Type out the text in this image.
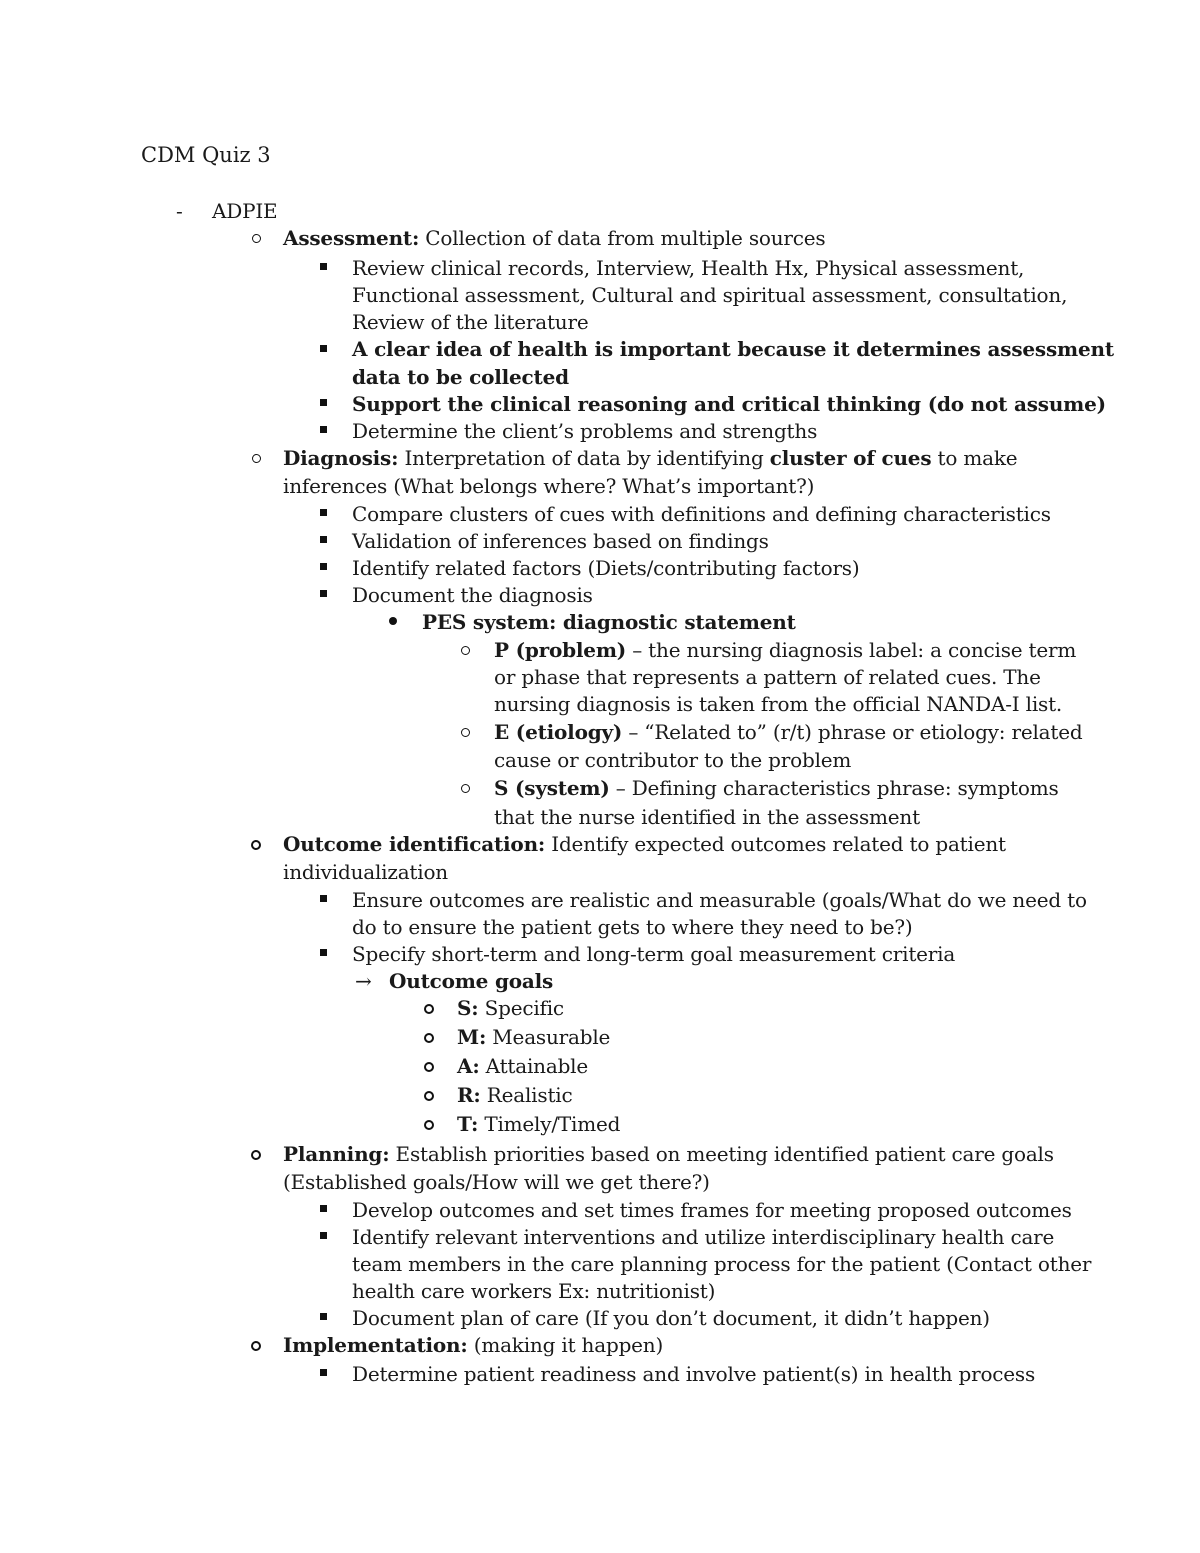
CDM Quiz 3
- ADPIE
Assessment: Collection of data from multiple sources
Review clinical records, Interview, Health Hx, Physical assessment,
Functional assessment, Cultural and spiritual assessment, consultation,
Review of the literature
A clear idea of health is important because it determines assessment
data to be collected
Support the clinical reasoning and critical thinking (do not assume)
Determine the client’s problems and strengths
Diagnosis: Interpretation of data by identifying cluster of cues to make
inferences (What belongs where? What’s important?)
Compare clusters of cues with definitions and defining characteristics
Validation of inferences based on findings
Identify related factors (Diets/contributing factors)
Document the diagnosis
PES system: diagnostic statement
P (problem) – the nursing diagnosis label: a concise term
or phase that represents a pattern of related cues. The
nursing diagnosis is taken from the official NANDA-I list.
E (etiology) – “Related to” (r/t) phrase or etiology: related
cause or contributor to the problem
S (system) – Defining characteristics phrase: symptoms
that the nurse identified in the assessment
Outcome identification: Identify expected outcomes related to patient
individualization
Ensure outcomes are realistic and measurable (goals/What do we need to
do to ensure the patient gets to where they need to be?)
Specify short-term and long-term goal measurement criteria
→ Outcome goals
S: Specific
M: Measurable
A: Attainable
R: Realistic
T: Timely/Timed
Planning: Establish priorities based on meeting identified patient care goals
(Established goals/How will we get there?)
Develop outcomes and set times frames for meeting proposed outcomes
Identify relevant interventions and utilize interdisciplinary health care
team members in the care planning process for the patient (Contact other
health care workers Ex: nutritionist)
Document plan of care (If you don’t document, it didn’t happen)
Implementation: (making it happen)
Determine patient readiness and involve patient(s) in health process
